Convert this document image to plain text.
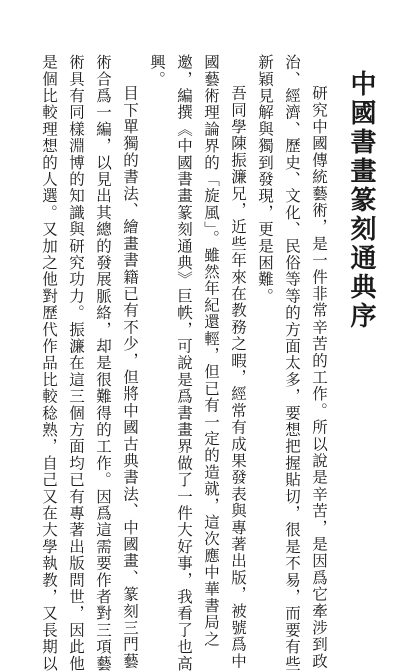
中國書畫篆刻通典序
研究中國傳統藝術，是一件非常辛苦的工作。所以說是辛苦，是因爲它牽涉到政
治、經濟、歷史、文化、民俗等等的方面太多，要想把握貼切，很是不易，而要有些
新穎見解與獨到發現，更是困難。
吾同學陳振濂兄，近些年來在教務之暇，經常有成果發表與專著出版，被號爲中
國藝術理論界的「旋風」。雖然年紀還輕，但已有一定的造就，這次應中華書局之
邀，編撰《中國書畫篆刻通典》巨帙，可說是爲書畫界做了一件大好事，我看了也高
興。
目下單獨的書法、繪畫書籍已有不少，但將中國古典書法、中國畫、篆刻三門藝
術合爲一編，以見出其總的發展脈絡，却是很難得的工作。因爲這需要作者對三項藝
術具有同樣淵博的知識與研究功力。振濂在這三個方面均已有專著出版問世，因此他
是個比較理想的人選。又加之他對歷代作品比較稔熟，自己又在大學執教，又長期以
